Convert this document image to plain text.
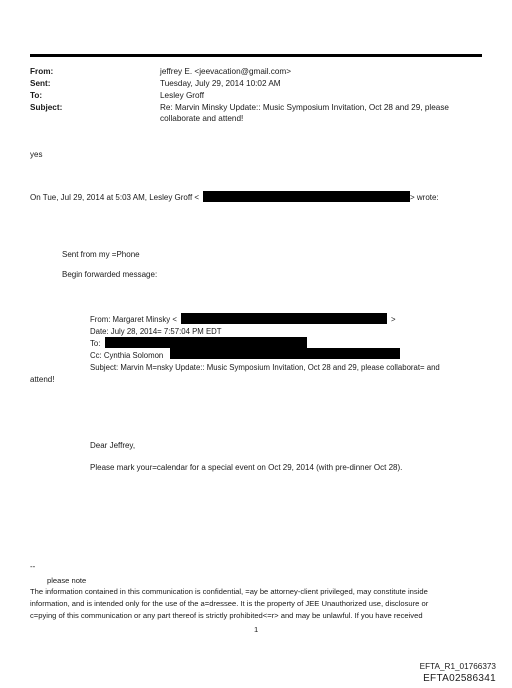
From:
Sent:
To:
Subject:
jeffrey E. <jeevacation@gmail.com>
Tuesday, July 29, 2014 10:02 AM
Lesley Groff
Re: Marvin Minsky Update:: Music Symposium Invitation, Oct 28 and 29, please
collaborate and attend!
yes
On Tue, Jul 29, 2014 at 5:03 AM, Lesley Groff <	> wrote:
Sent from my =Phone
Begin forwarded message:
From: Margaret Minsky <	>
Date: July 28, 2014= 7:57:04 PM EDT
To:
Cc: Cynthia Solomon
Subject: Marvin M=nsky Update:: Music Symposium Invitation, Oct 28 and 29, please collaborat= and
attend!
Dear Jeffrey,
Please mark your=calendar for a special event on Oct 29, 2014 (with pre-dinner Oct 28).
--
please note
The information contained in this communication is confidential, =ay be attorney-client privileged, may constitute inside
information, and is intended only for the use of the a=dressee. It is the property of JEE Unauthorized use, disclosure or
c=pying of this communication or any part thereof is strictly prohibited<=r> and may be unlawful. If you have received
1
EFTA_R1_01766373
EFTA02586341
